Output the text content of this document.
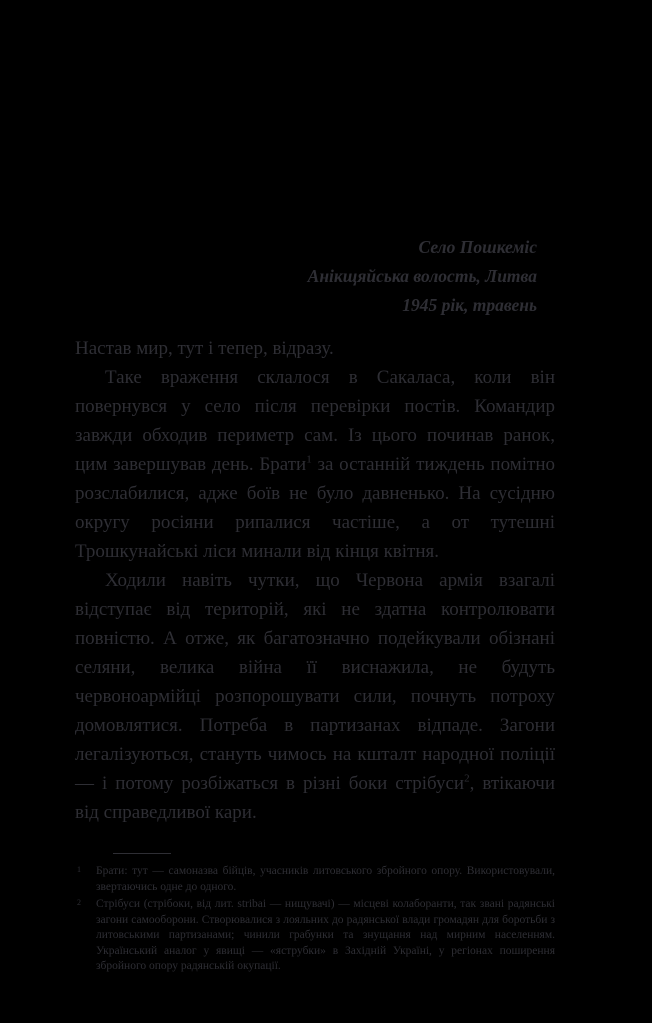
Село Пошкеміс
Анікщяйська волость, Литва
1945 рік, травень

Настав мир, тут і тепер, відразу.

Таке враження склалося в Сакаласа, коли він повернувся у село після перевірки постів. Командир завжди обходив периметр сам. Із цього починав ранок, цим завершував день. Брати$^1$ за останній тиждень помітно розслабилися, адже боїв не було давненько. На сусідню округу росіяни рипалися частіше, а от тутешні Трошкунайські ліси минали від кінця квітня.

Ходили навіть чутки, що Червона армія взагалі відступає від територій, які не здатна контролювати повністю. А отже, як багатозначно подейкували обізнані селяни, велика війна її виснажила, не будуть червоноармійці розпорошувати сили, почнуть потроху домовлятися. Потреба в партизанах відпаде. Загони легалізуються, стануть чимось на кшталт народної поліції — і потому розбіжаться в різні боки стрібуси$^2$, втікаючи від справедливої кари.

1 Брати: тут — самоназва бійців, учасників литовського збройного опору. Використовували, звертаючись одне до одного.
2 Стрібуси (стрібоки, від лит. stribai — нищувачі) — місцеві колаборанти, так звані радянські загони самооборони. Створювалися з лояльних до радянської влади громадян для боротьби з литовськими партизанами; чинили грабунки та знущання над мирним населенням. Український аналог у явищі — «яструбки» в Західній Україні, у регіонах поширення збройного опору радянській окупації.
